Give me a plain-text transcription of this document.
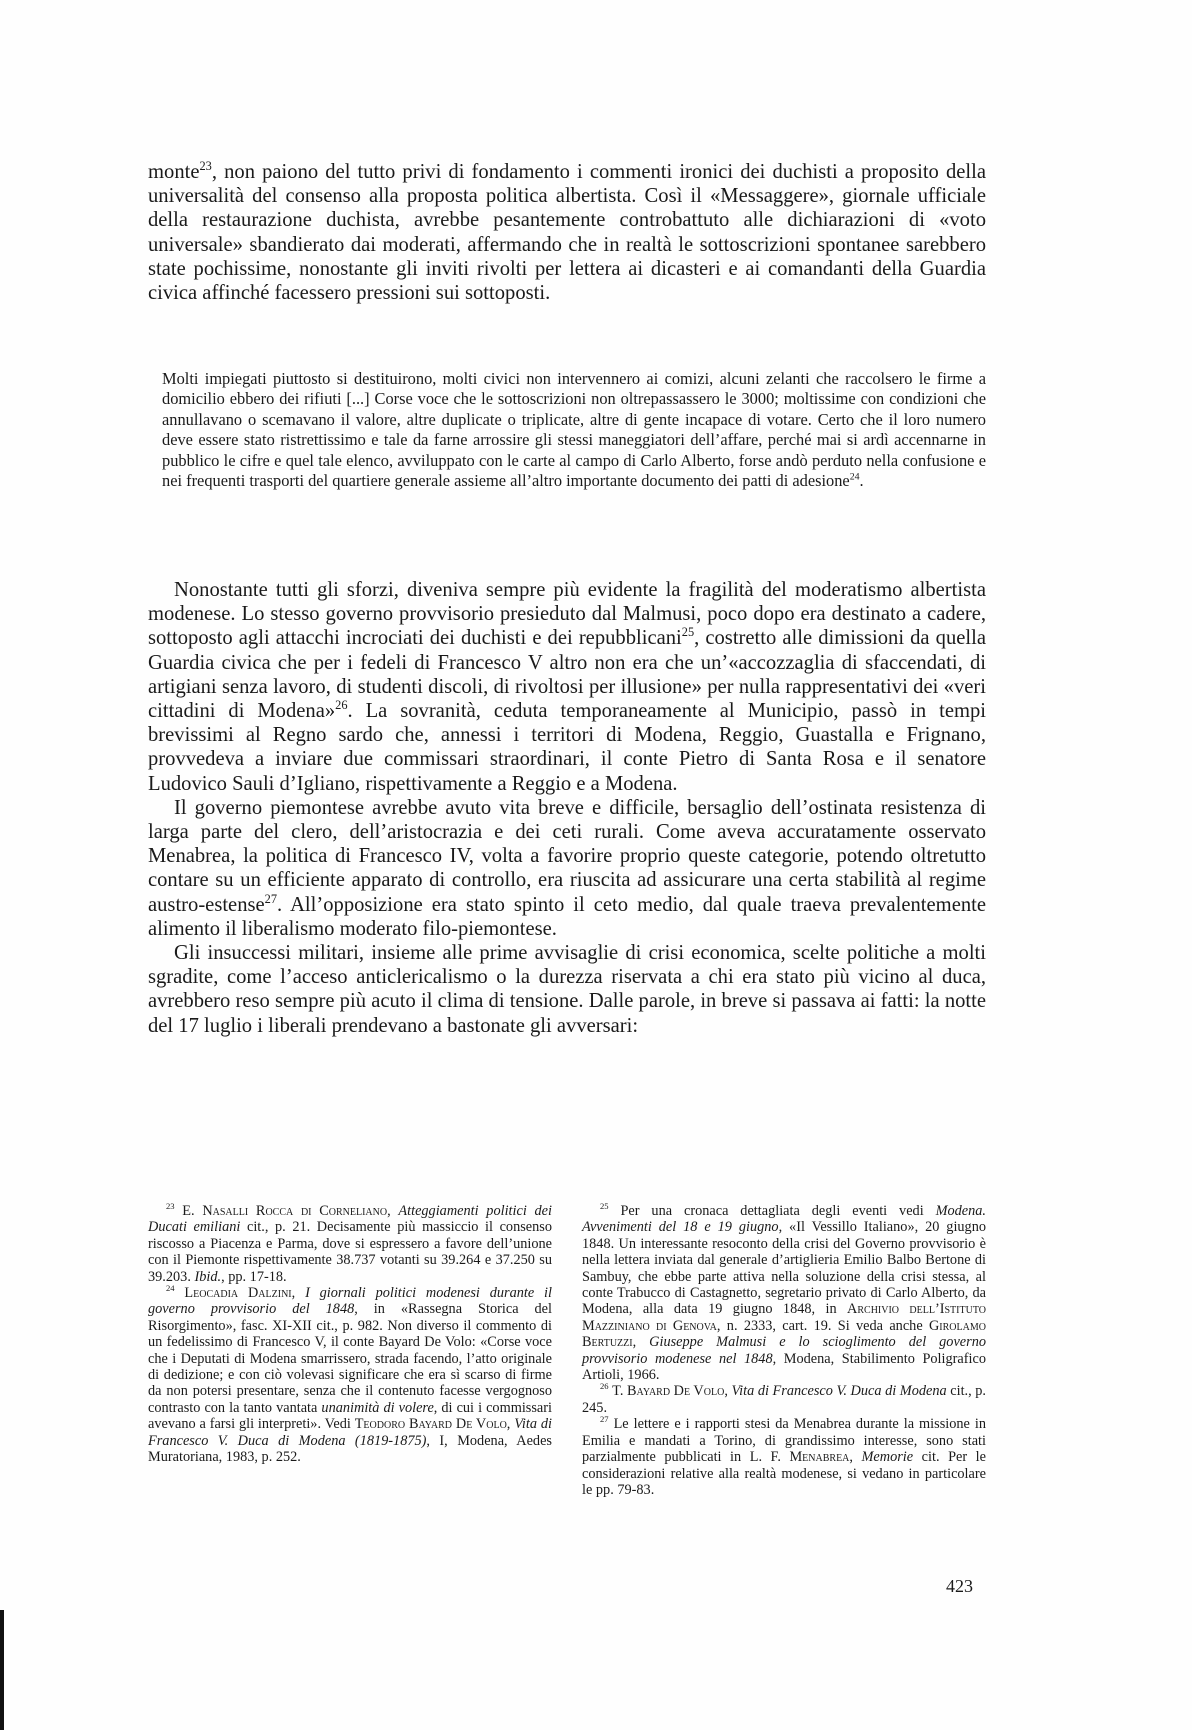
monte$^{23}$, non paiono del tutto privi di fondamento i commenti ironici dei duchisti a proposito della universalità del consenso alla proposta politica albertista. Così il «Messaggere», giornale ufficiale della restaurazione duchista, avrebbe pesantemente controbattuto alle dichiarazioni di «voto universale» sbandierato dai moderati, affermando che in realtà le sottoscrizioni spontanee sarebbero state pochissime, nonostante gli inviti rivolti per lettera ai dicasteri e ai comandanti della Guardia civica affinché facessero pressioni sui sottoposti.

Molti impiegati piuttosto si destituirono, molti civici non intervennero ai comizi, alcuni zelanti che raccolsero le firme a domicilio ebbero dei rifiuti [...] Corse voce che le sottoscrizioni non oltrepassassero le 3000; moltissime con condizioni che annullavano o scemavano il valore, altre duplicate o triplicate, altre di gente incapace di votare. Certo che il loro numero deve essere stato ristrettissimo e tale da farne arrossire gli stessi maneggiatori dell’affare, perché mai si ardì accennarne in pubblico le cifre e quel tale elenco, avviluppato con le carte al campo di Carlo Alberto, forse andò perduto nella confusione e nei frequenti trasporti del quartiere generale assieme all’altro importante documento dei patti di adesione$^{24}$.

Nonostante tutti gli sforzi, diveniva sempre più evidente la fragilità del moderatismo albertista modenese. Lo stesso governo provvisorio presieduto dal Malmusi, poco dopo era destinato a cadere, sottoposto agli attacchi incrociati dei duchisti e dei repubblicani$^{25}$, costretto alle dimissioni da quella Guardia civica che per i fedeli di Francesco V altro non era che un’«accozzaglia di sfaccendati, di artigiani senza lavoro, di studenti discoli, di rivoltosi per illusione» per nulla rappresentativi dei «veri cittadini di Modena»$^{26}$. La sovranità, ceduta temporaneamente al Municipio, passò in tempi brevissimi al Regno sardo che, annessi i territori di Modena, Reggio, Guastalla e Frignano, provvedeva a inviare due commissari straordinari, il conte Pietro di Santa Rosa e il senatore Ludovico Sauli d’Igliano, rispettivamente a Reggio e a Modena.

Il governo piemontese avrebbe avuto vita breve e difficile, bersaglio dell’ostinata resistenza di larga parte del clero, dell’aristocrazia e dei ceti rurali. Come aveva accuratamente osservato Menabrea, la politica di Francesco IV, volta a favorire proprio queste categorie, potendo oltretutto contare su un efficiente apparato di controllo, era riuscita ad assicurare una certa stabilità al regime austro-estense$^{27}$. All’opposizione era stato spinto il ceto medio, dal quale traeva prevalentemente alimento il liberalismo moderato filo-piemontese.

Gli insuccessi militari, insieme alle prime avvisaglie di crisi economica, scelte politiche a molti sgradite, come l’acceso anticlericalismo o la durezza riservata a chi era stato più vicino al duca, avrebbero reso sempre più acuto il clima di tensione. Dalle parole, in breve si passava ai fatti: la notte del 17 luglio i liberali prendevano a bastonate gli avversari:

$^{23}$ E. Nasalli Rocca di Corneliano, Atteggiamenti politici dei Ducati emiliani cit., p. 21. Decisamente più massiccio il consenso riscosso a Piacenza e Parma, dove si espressero a favore dell’unione con il Piemonte rispettivamente 38.737 votanti su 39.264 e 37.250 su 39.203. Ibid., pp. 17-18.

$^{24}$ Leocadia Dalzini, I giornali politici modenesi durante il governo provvisorio del 1848, in «Rassegna Storica del Risorgimento», fasc. XI-XII cit., p. 982. Non diverso il commento di un fedelissimo di Francesco V, il conte Bayard De Volo: «Corse voce che i Deputati di Modena smarrissero, strada facendo, l’atto originale di dedizione; e con ciò volevasi significare che era sì scarso di firme da non potersi presentare, senza che il contenuto facesse vergognoso contrasto con la tanto vantata unanimità di volere, di cui i commissari avevano a farsi gli interpreti». Vedi Teodoro Bayard De Volo, Vita di Francesco V. Duca di Modena (1819-1875), I, Modena, Aedes Muratoriana, 1983, p. 252.

$^{25}$ Per una cronaca dettagliata degli eventi vedi Modena. Avvenimenti del 18 e 19 giugno, «Il Vessillo Italiano», 20 giugno 1848. Un interessante resoconto della crisi del Governo provvisorio è nella lettera inviata dal generale d’artiglieria Emilio Balbo Bertone di Sambuy, che ebbe parte attiva nella soluzione della crisi stessa, al conte Trabucco di Castagnetto, segretario privato di Carlo Alberto, da Modena, alla data 19 giugno 1848, in Archivio dell’Istituto Mazziniano di Genova, n. 2333, cart. 19. Si veda anche Girolamo Bertuzzi, Giuseppe Malmusi e lo scioglimento del governo provvisorio modenese nel 1848, Modena, Stabilimento Poligrafico Artioli, 1966.

$^{26}$ T. Bayard De Volo, Vita di Francesco V. Duca di Modena cit., p. 245.

$^{27}$ Le lettere e i rapporti stesi da Menabrea durante la missione in Emilia e mandati a Torino, di grandissimo interesse, sono stati parzialmente pubblicati in L. F. Menabrea, Memorie cit. Per le considerazioni relative alla realtà modenese, si vedano in particolare le pp. 79-83.

423
